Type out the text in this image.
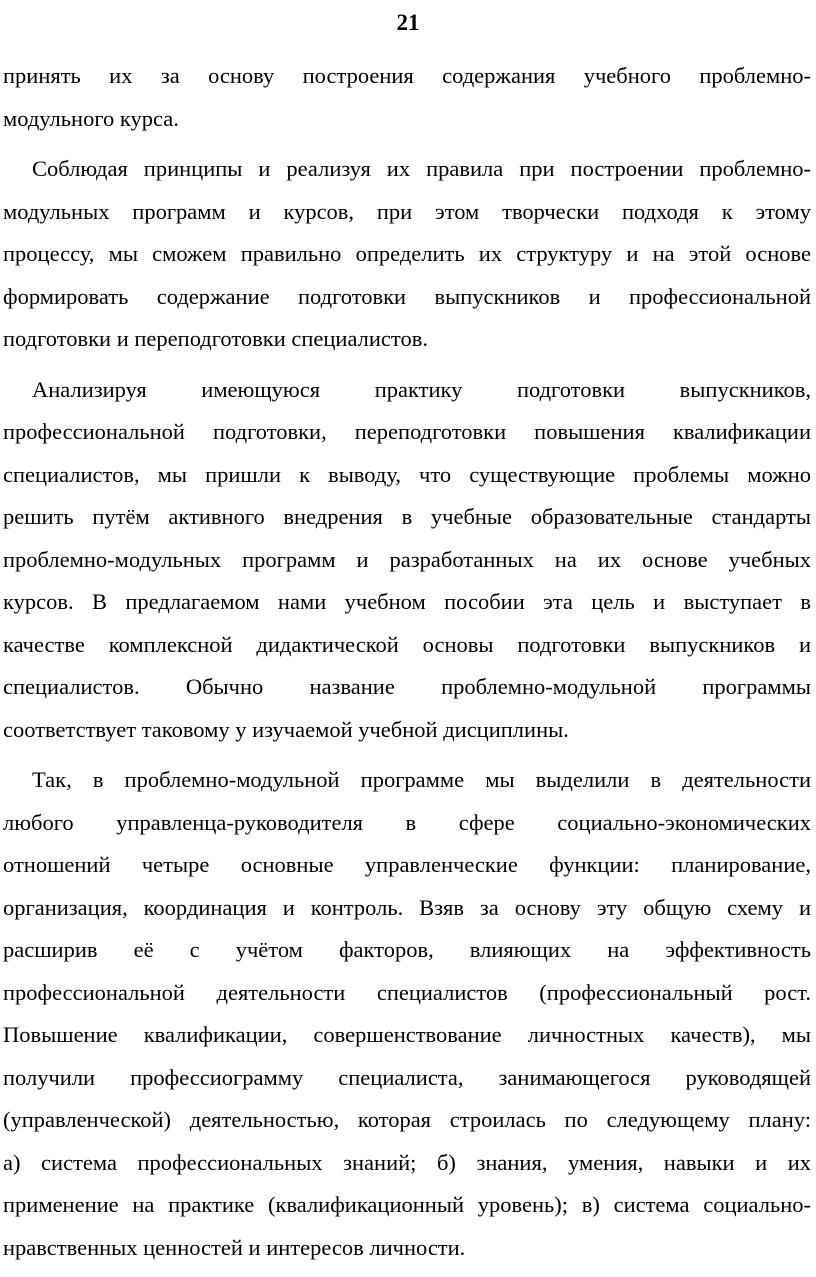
21
принять их за основу построения содержания учебного проблемно-
модульного курса.
Соблюдая принципы и реализуя их правила при построении проблемно-
модульных программ и курсов, при этом творчески подходя к этому
процессу, мы сможем правильно определить их структуру и на этой основе
формировать содержание подготовки выпускников и профессиональной
подготовки и переподготовки специалистов.
Анализируя имеющуюся практику подготовки выпускников,
профессиональной подготовки, переподготовки повышения квалификации
специалистов, мы пришли к выводу, что существующие проблемы можно
решить путём активного внедрения в учебные образовательные стандарты
проблемно-модульных программ и разработанных на их основе учебных
курсов. В предлагаемом нами учебном пособии эта цель и выступает в
качестве комплексной дидактической основы подготовки выпускников и
специалистов. Обычно название проблемно-модульной программы
соответствует таковому у изучаемой учебной дисциплины.
Так, в проблемно-модульной программе мы выделили в деятельности
любого управленца-руководителя в сфере социально-экономических
отношений четыре основные управленческие функции: планирование,
организация, координация и контроль. Взяв за основу эту общую схему и
расширив её с учётом факторов, влияющих на эффективность
профессиональной деятельности специалистов (профессиональный рост.
Повышение квалификации, совершенствование личностных качеств), мы
получили профессиограмму специалиста, занимающегося руководящей
(управленческой) деятельностью, которая строилась по следующему плану:
а) система профессиональных знаний; б) знания, умения, навыки и их
применение на практике (квалификационный уровень); в) система социально-
нравственных ценностей и интересов личности.
